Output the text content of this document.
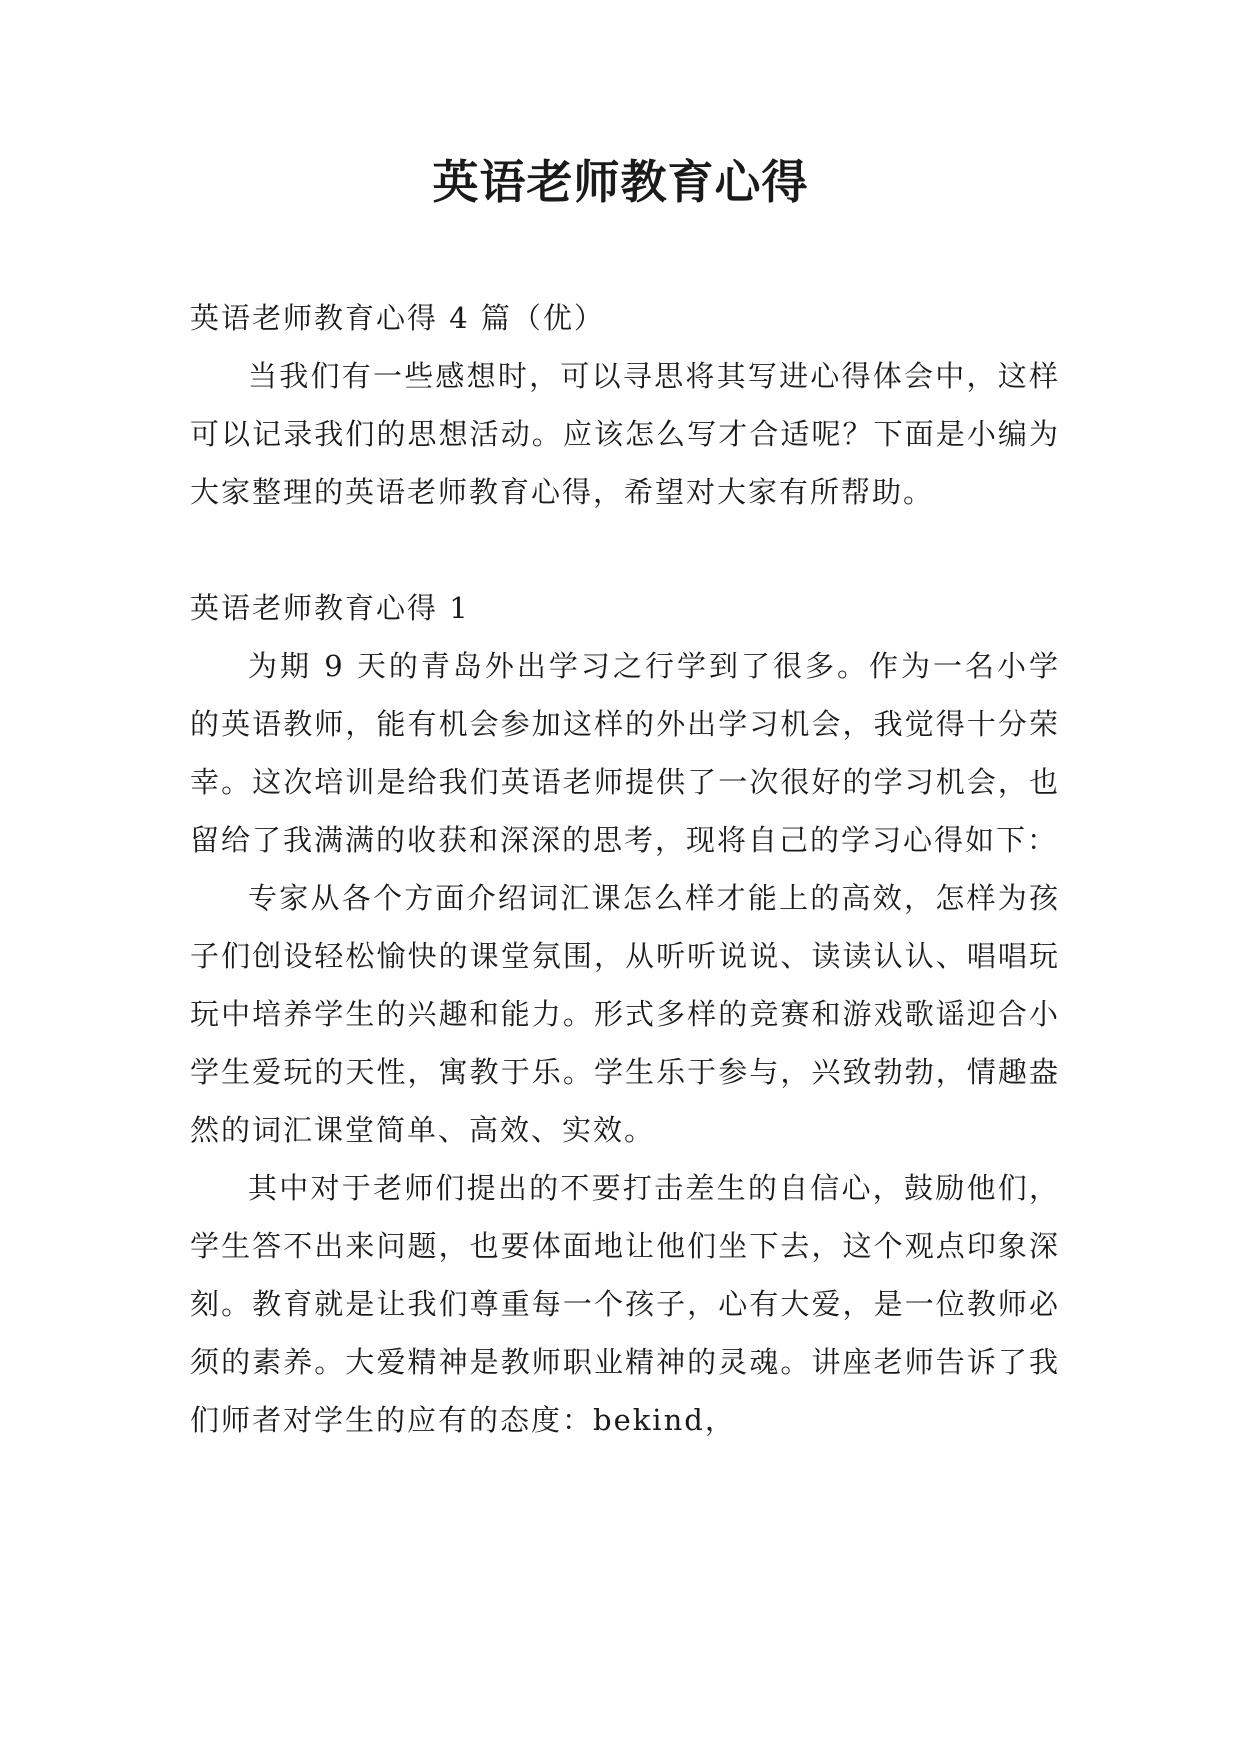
英语老师教育心得

英语老师教育心得 4 篇（优）

当我们有一些感想时，可以寻思将其写进心得体会中，这样可以记录我们的思想活动。应该怎么写才合适呢？下面是小编为大家整理的英语老师教育心得，希望对大家有所帮助。

英语老师教育心得 1

为期 9 天的青岛外出学习之行学到了很多。作为一名小学的英语教师，能有机会参加这样的外出学习机会，我觉得十分荣幸。这次培训是给我们英语老师提供了一次很好的学习机会，也留给了我满满的收获和深深的思考，现将自己的学习心得如下：

专家从各个方面介绍词汇课怎么样才能上的高效，怎样为孩子们创设轻松愉快的课堂氛围，从听听说说、读读认认、唱唱玩玩中培养学生的兴趣和能力。形式多样的竞赛和游戏歌谣迎合小学生爱玩的天性，寓教于乐。学生乐于参与，兴致勃勃，情趣盎然的词汇课堂简单、高效、实效。

其中对于老师们提出的不要打击差生的自信心，鼓励他们，学生答不出来问题，也要体面地让他们坐下去，这个观点印象深刻。教育就是让我们尊重每一个孩子，心有大爱，是一位教师必须的素养。大爱精神是教师职业精神的灵魂。讲座老师告诉了我们师者对学生的应有的态度：bekind，
